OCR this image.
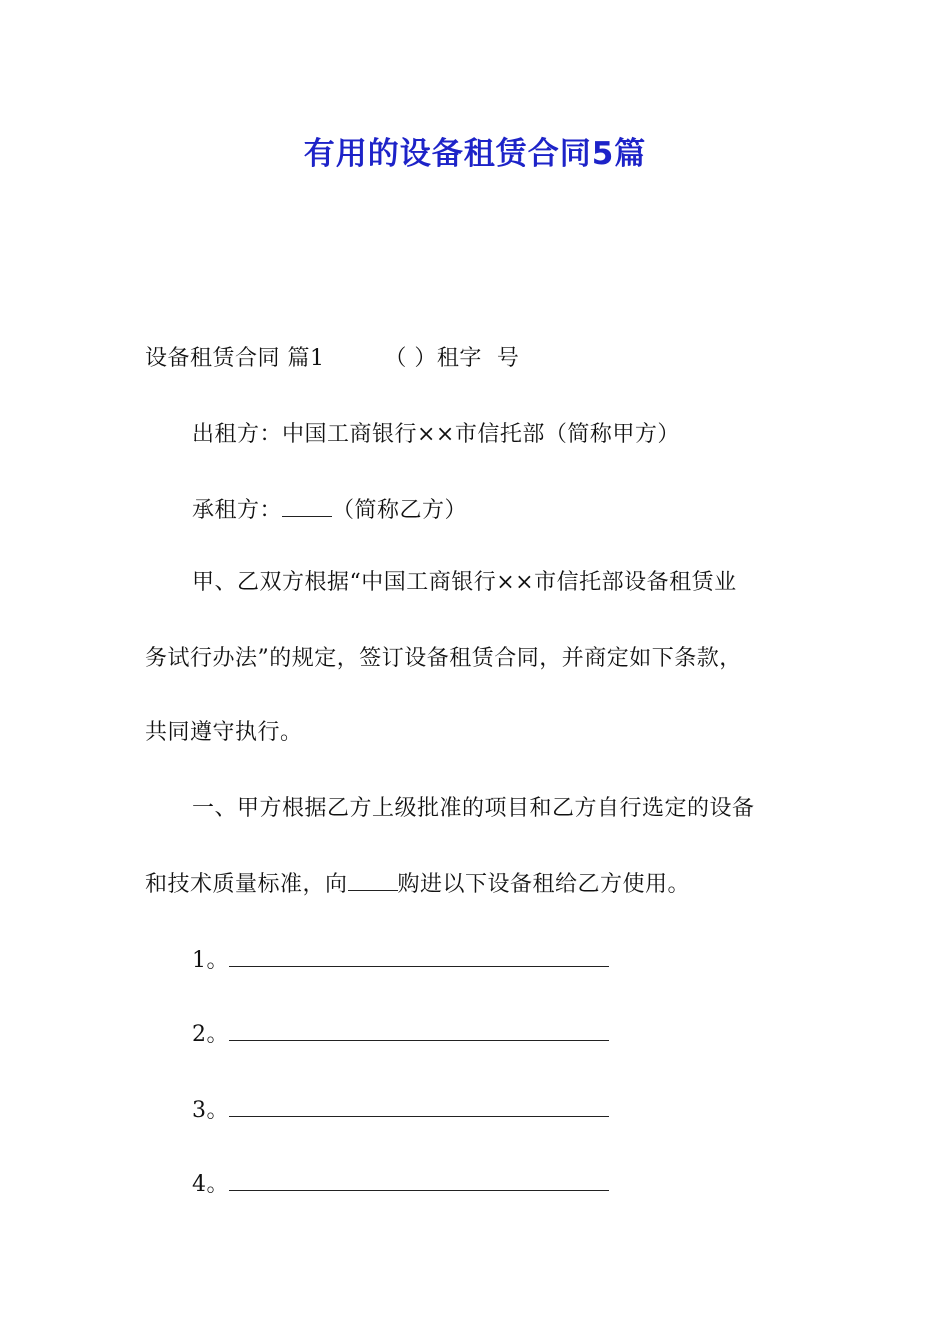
有用的设备租赁合同5篇
设备租赁合同 篇1        （ ）租字  号
出租方：中国工商银行××市信托部（简称甲方）
承租方： （简称乙方）
甲、乙双方根据“中国工商银行××市信托部设备租赁业
务试行办法”的规定，签订设备租赁合同，并商定如下条款，
共同遵守执行。
一、甲方根据乙方上级批准的项目和乙方自行选定的设备
和技术质量标准，向 购进以下设备租给乙方使用。
1。
2。
3。
4。
